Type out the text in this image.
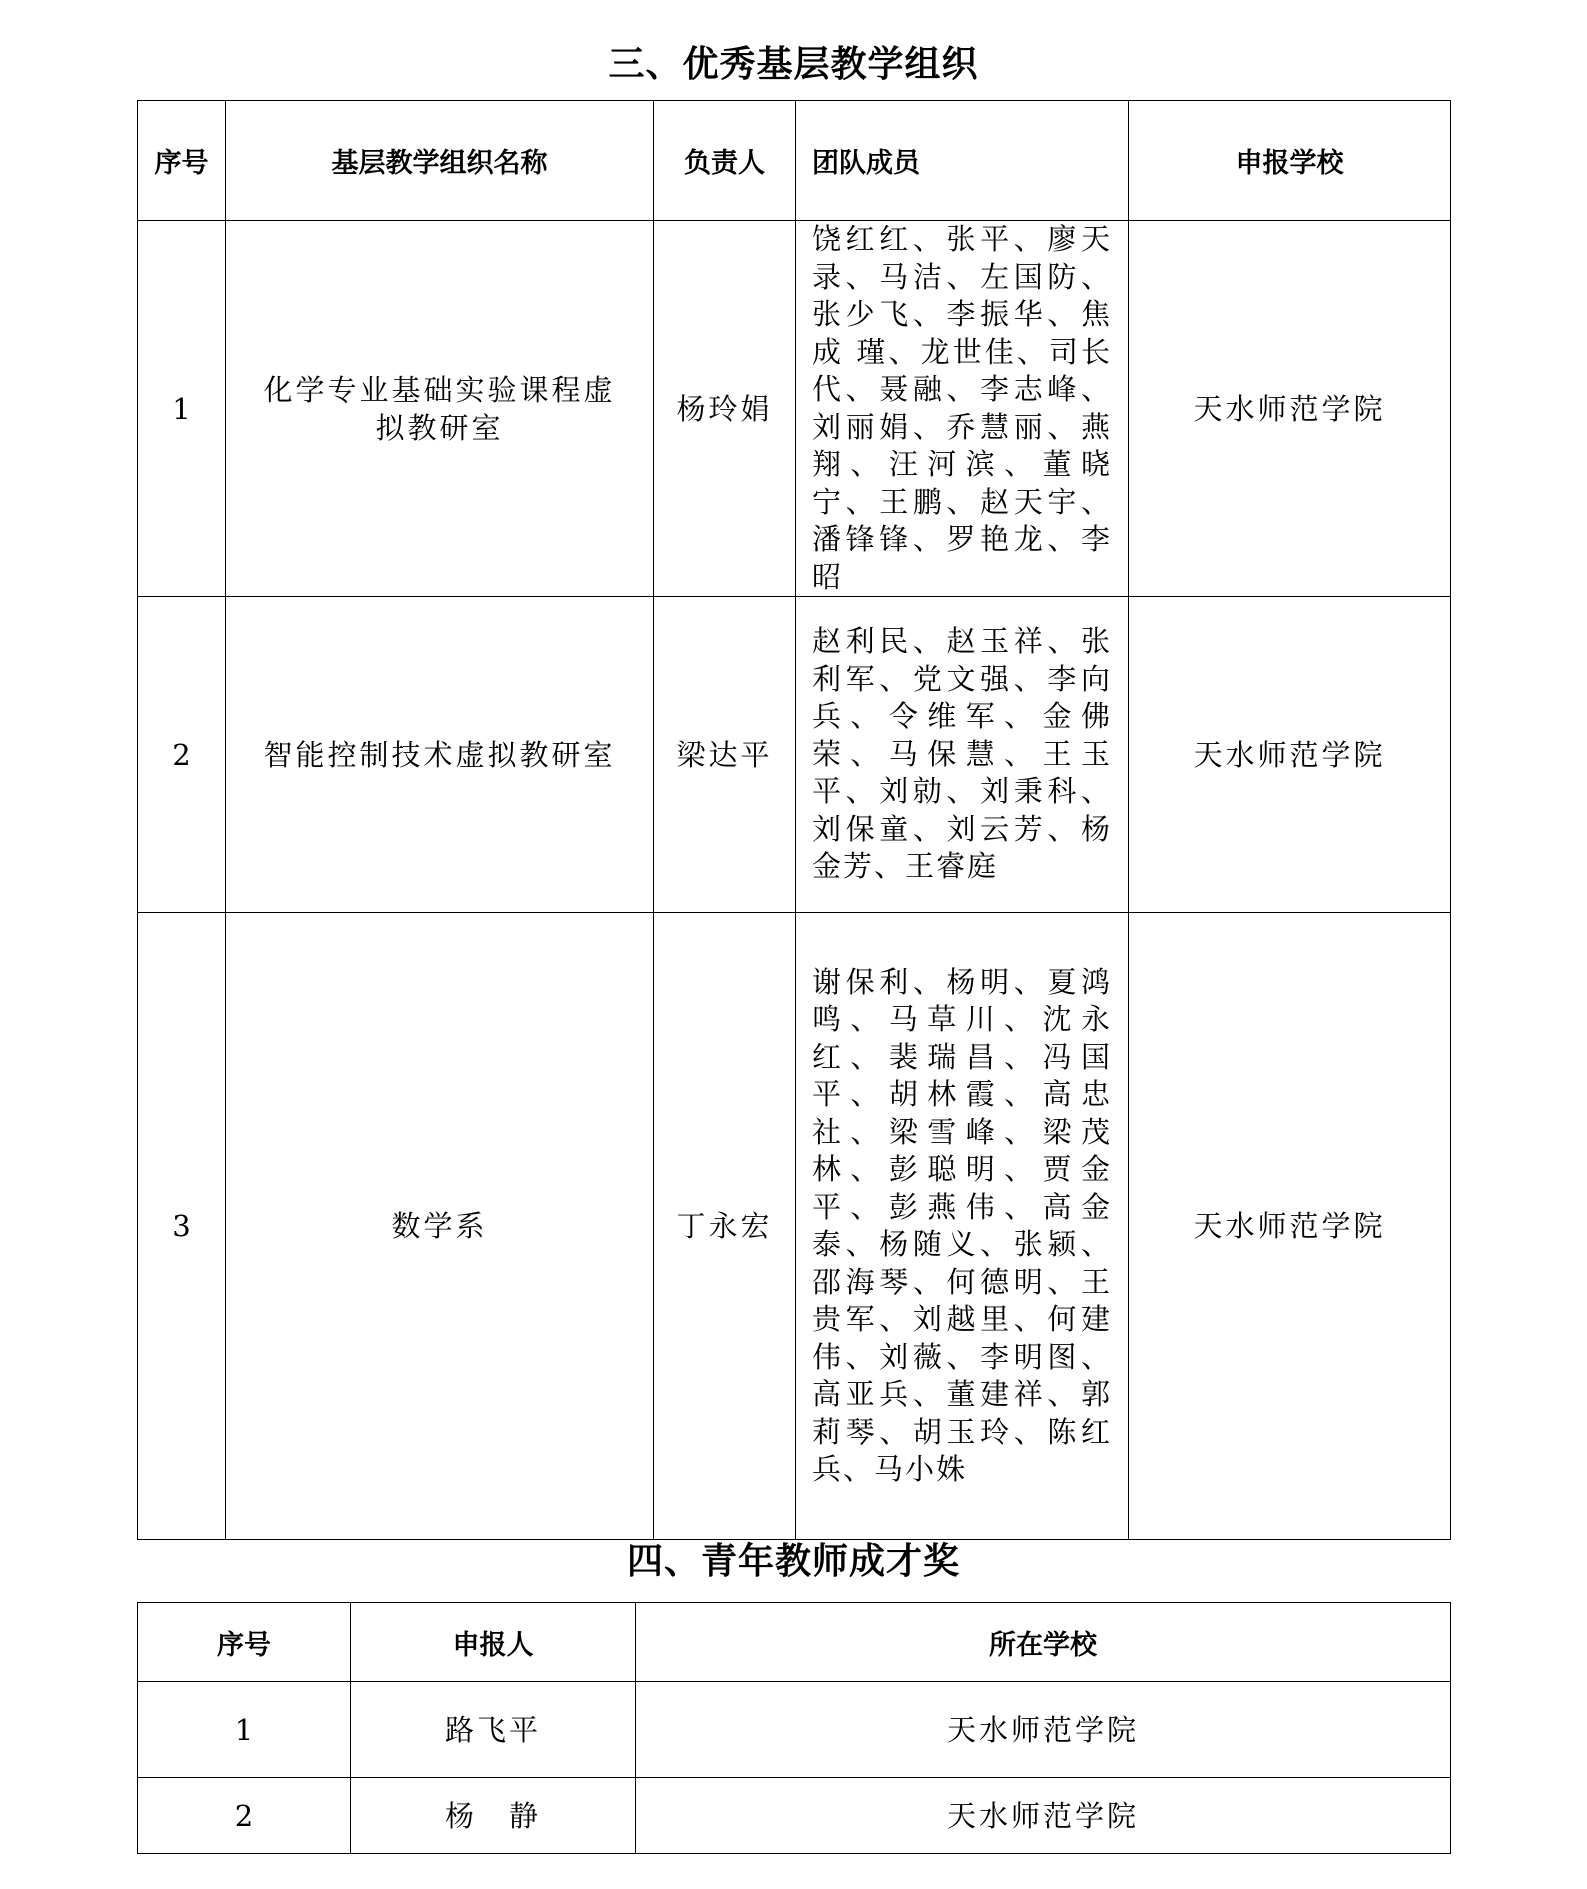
三、优秀基层教学组织
序号	基层教学组织名称	负责人	团队成员	申报学校
1	化学专业基础实验课程虚拟教研室	杨玲娟	饶红红、张平、廖天录、马洁、左国防、张少飞、李振华、焦 成 瑾、龙世佳、司长代、聂融、李志峰、刘丽娟、乔慧丽、燕翔、汪河滨、董晓宁、王鹏、赵天宇、潘锋锋、罗艳龙、李昭	天水师范学院
2	智能控制技术虚拟教研室	梁达平	赵利民、赵玉祥、张利军、党文强、李向兵、令维军、金佛荣、马保慧、王玉平、刘勍、刘秉科、刘保童、刘云芳、杨金芳、王睿庭	天水师范学院
3	数学系	丁永宏	谢保利、杨明、夏鸿鸣、马草川、沈永红、裴瑞昌、冯国平、胡林霞、高忠社、梁雪峰、梁茂林、彭聪明、贾金平、彭燕伟、高金泰、杨随义、张颍、邵海琴、何德明、王贵军、刘越里、何建伟、刘薇、李明图、高亚兵、董建祥、郭莉琴、胡玉玲、陈红兵、马小姝	天水师范学院
四、青年教师成才奖
序号	申报人	所在学校
1	路飞平	天水师范学院
2	杨　静	天水师范学院
